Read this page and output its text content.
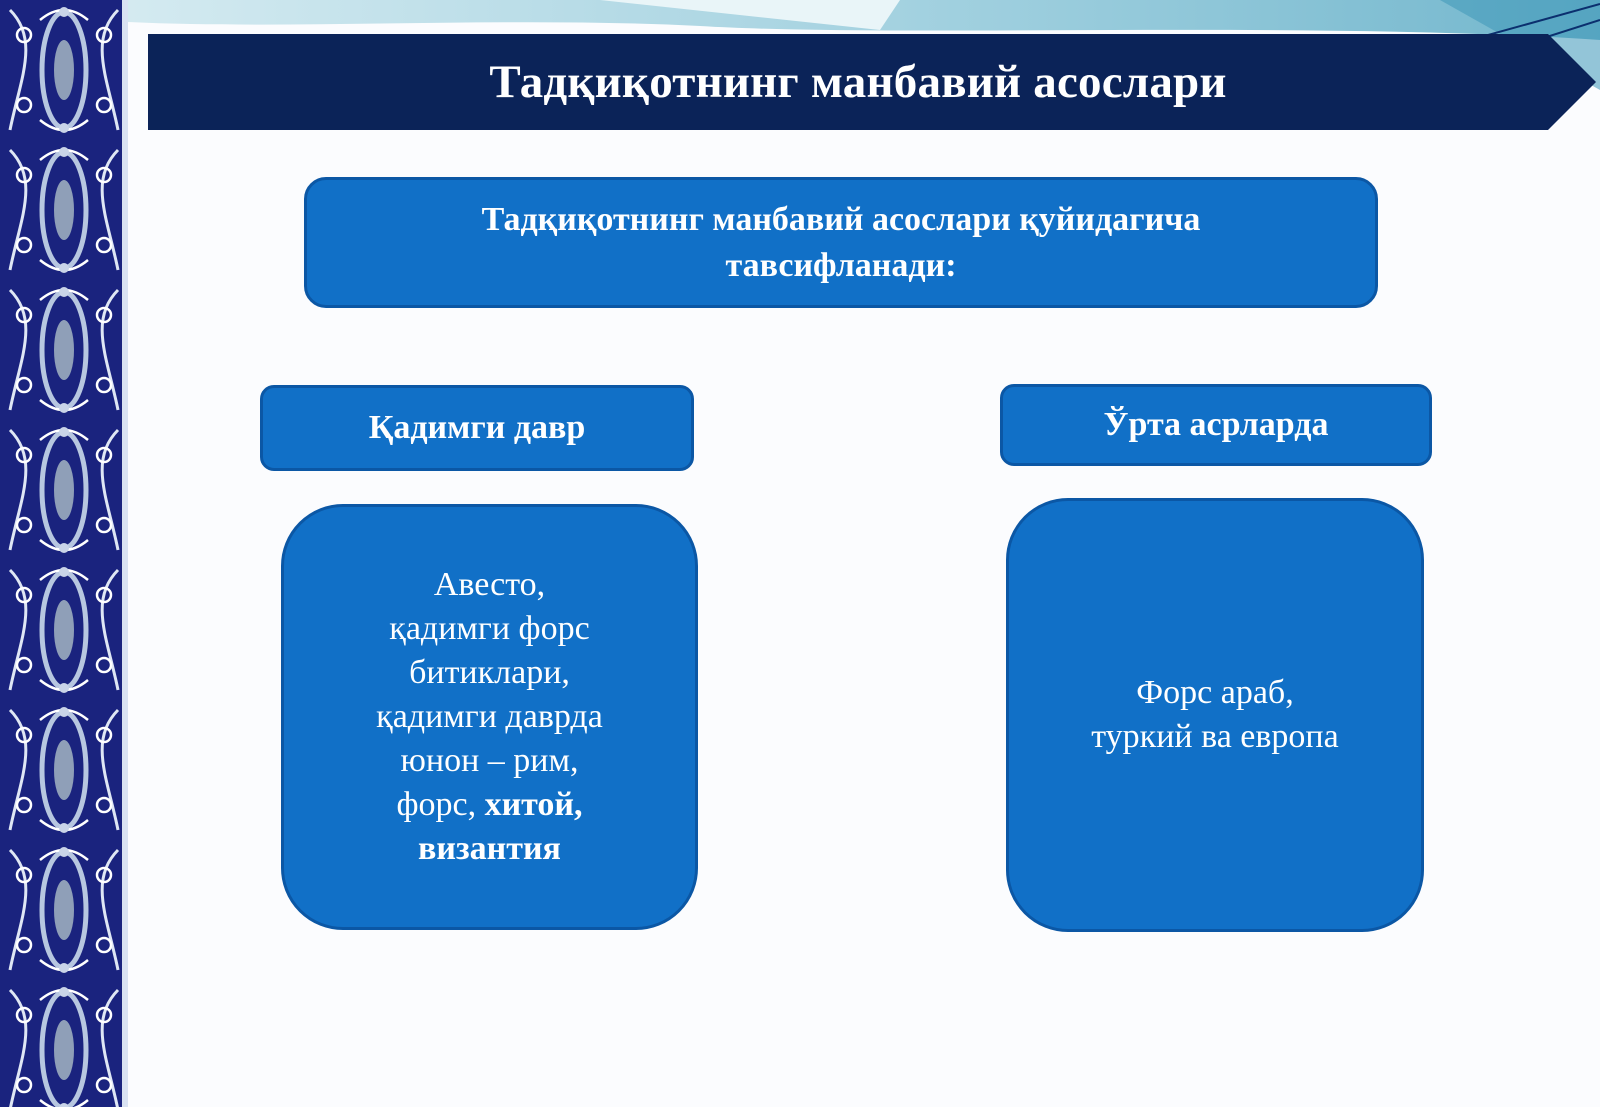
Тадқиқотнинг манбавий асослари
Тадқиқотнинг манбавий асослари қуйидагича
тавсифланади:
Қадимги давр
Авесто,
қадимги форс
битиклари,
қадимги даврда
юнон – рим,
форс, хитой,
византия
Ўрта асрларда
Форс араб,
туркий ва европа
